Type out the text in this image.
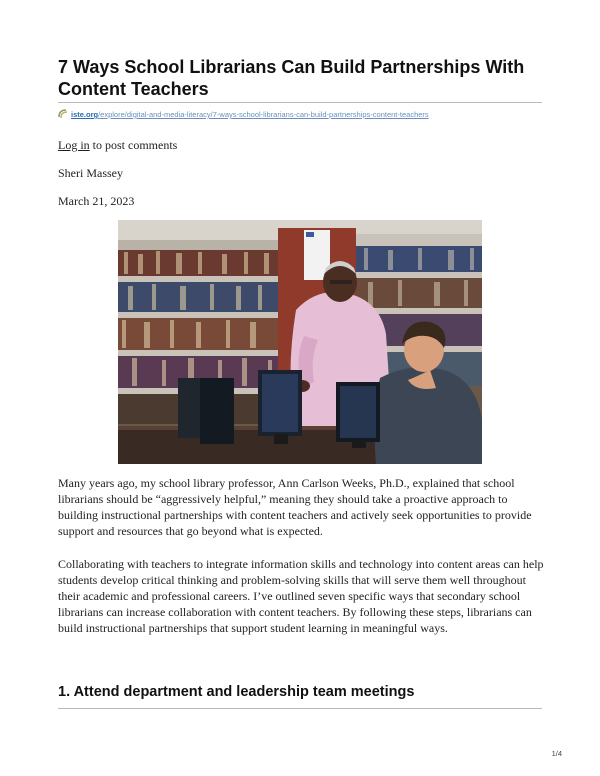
7 Ways School Librarians Can Build Partnerships With Content Teachers
iste.org/explore/digital-and-media-literacy/7-ways-school-librarians-can-build-partnerships-content-teachers
Log in to post comments
Sheri Massey
March 21, 2023

Many years ago, my school library professor, Ann Carlson Weeks, Ph.D., explained that school librarians should be “aggressively helpful,” meaning they should take a proactive approach to building instructional partnerships with content teachers and actively seek opportunities to provide support and resources that go beyond what is expected.

Collaborating with teachers to integrate information skills and technology into content areas can help students develop critical thinking and problem-solving skills that will serve them well throughout their academic and professional careers. I’ve outlined seven specific ways that secondary school librarians can increase collaboration with content teachers. By following these steps, librarians can build instructional partnerships that support student learning in meaningful ways.

1. Attend department and leadership team meetings
1/4
